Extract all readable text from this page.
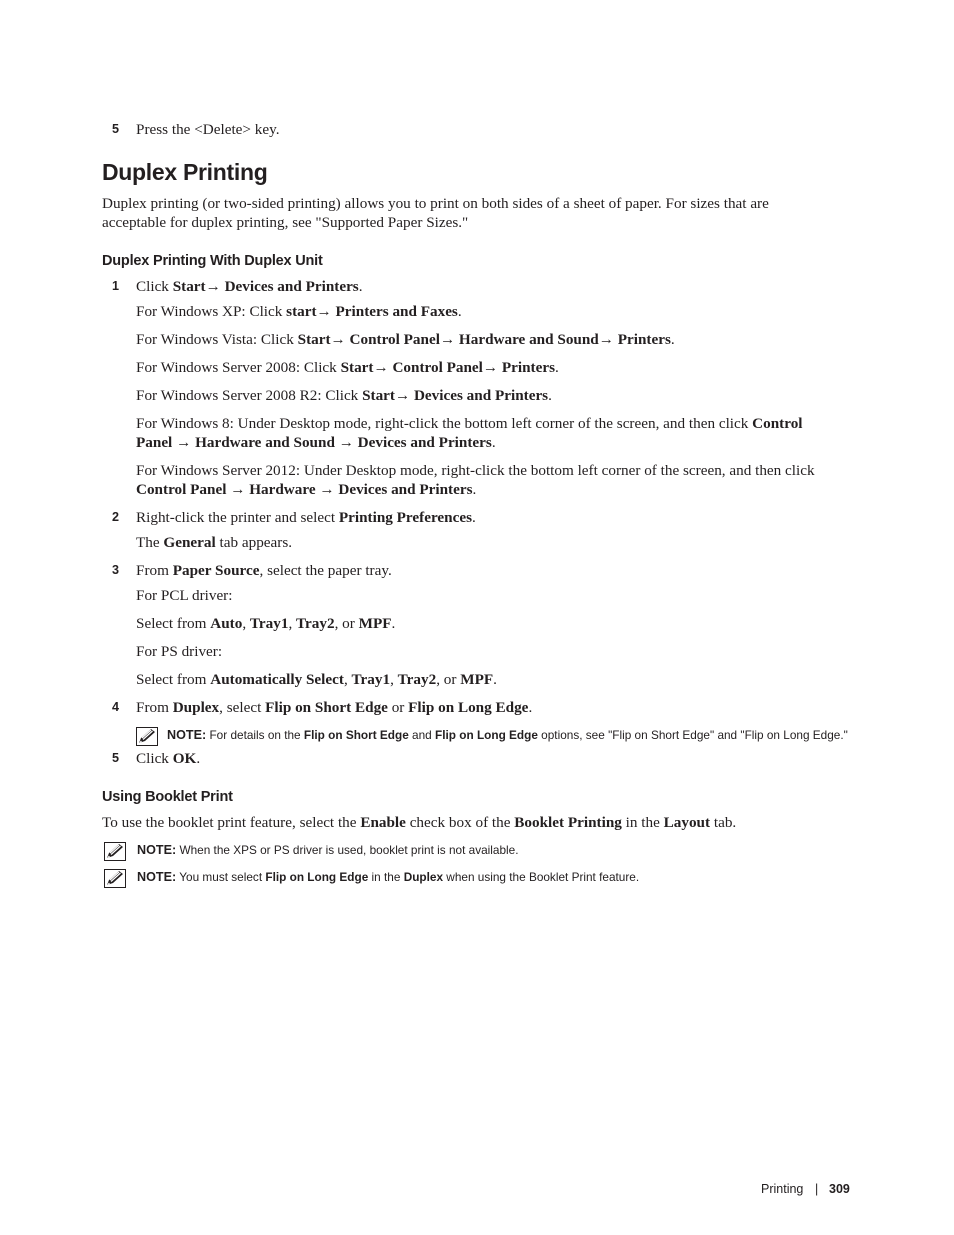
5 Press the <Delete> key.
Duplex Printing
Duplex printing (or two-sided printing) allows you to print on both sides of a sheet of paper. For sizes that are
acceptable for duplex printing, see "Supported Paper Sizes."
Duplex Printing With Duplex Unit
1 Click Start→ Devices and Printers.
For Windows XP: Click start→ Printers and Faxes.
For Windows Vista: Click Start→ Control Panel→ Hardware and Sound→ Printers.
For Windows Server 2008: Click Start→ Control Panel→ Printers.
For Windows Server 2008 R2: Click Start→ Devices and Printers.
For Windows 8: Under Desktop mode, right-click the bottom left corner of the screen, and then click Control
Panel → Hardware and Sound → Devices and Printers.
For Windows Server 2012: Under Desktop mode, right-click the bottom left corner of the screen, and then click
Control Panel → Hardware → Devices and Printers.
2 Right-click the printer and select Printing Preferences.
The General tab appears.
3 From Paper Source, select the paper tray.
For PCL driver:
Select from Auto, Tray1, Tray2, or MPF.
For PS driver:
Select from Automatically Select, Tray1, Tray2, or MPF.
4 From Duplex, select Flip on Short Edge or Flip on Long Edge.
NOTE: For details on the Flip on Short Edge and Flip on Long Edge options, see "Flip on Short Edge" and "Flip on Long Edge."
5 Click OK.
Using Booklet Print
To use the booklet print feature, select the Enable check box of the Booklet Printing in the Layout tab.
NOTE: When the XPS or PS driver is used, booklet print is not available.
NOTE: You must select Flip on Long Edge in the Duplex when using the Booklet Print feature.
Printing | 309
